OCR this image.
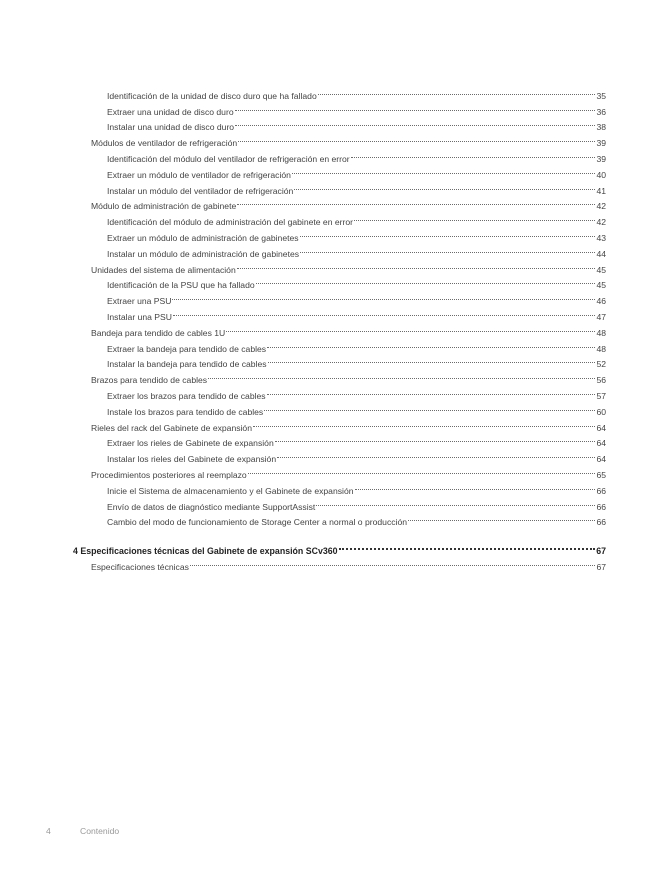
Identificación de la unidad de disco duro que ha fallado	35
Extraer una unidad de disco duro	36
Instalar una unidad de disco duro	38
Módulos de ventilador de refrigeración	39
Identificación del módulo del ventilador de refrigeración en error	39
Extraer un módulo de ventilador de refrigeración	40
Instalar un módulo del ventilador de refrigeración	41
Módulo de administración de gabinete	42
Identificación del módulo de administración del gabinete en error	42
Extraer un módulo de administración de gabinetes	43
Instalar un módulo de administración de gabinetes	44
Unidades del sistema de alimentación	45
Identificación de la PSU que ha fallado	45
Extraer una PSU	46
Instalar una PSU	47
Bandeja para tendido de cables 1U	48
Extraer la bandeja para tendido de cables	48
Instalar la bandeja para tendido de cables	52
Brazos para tendido de cables	56
Extraer los brazos para tendido de cables	57
Instale los brazos para tendido de cables	60
Rieles del rack del Gabinete de expansión	64
Extraer los rieles de Gabinete de expansión	64
Instalar los rieles del Gabinete de expansión	64
Procedimientos posteriores al reemplazo	65
Inicie el Sistema de almacenamiento y el Gabinete de expansión	66
Envío de datos de diagnóstico mediante SupportAssist	66
Cambio del modo de funcionamiento de Storage Center a normal o producción	66
4 Especificaciones técnicas del Gabinete de expansión SCv360	67
Especificaciones técnicas	67
4	Contenido
